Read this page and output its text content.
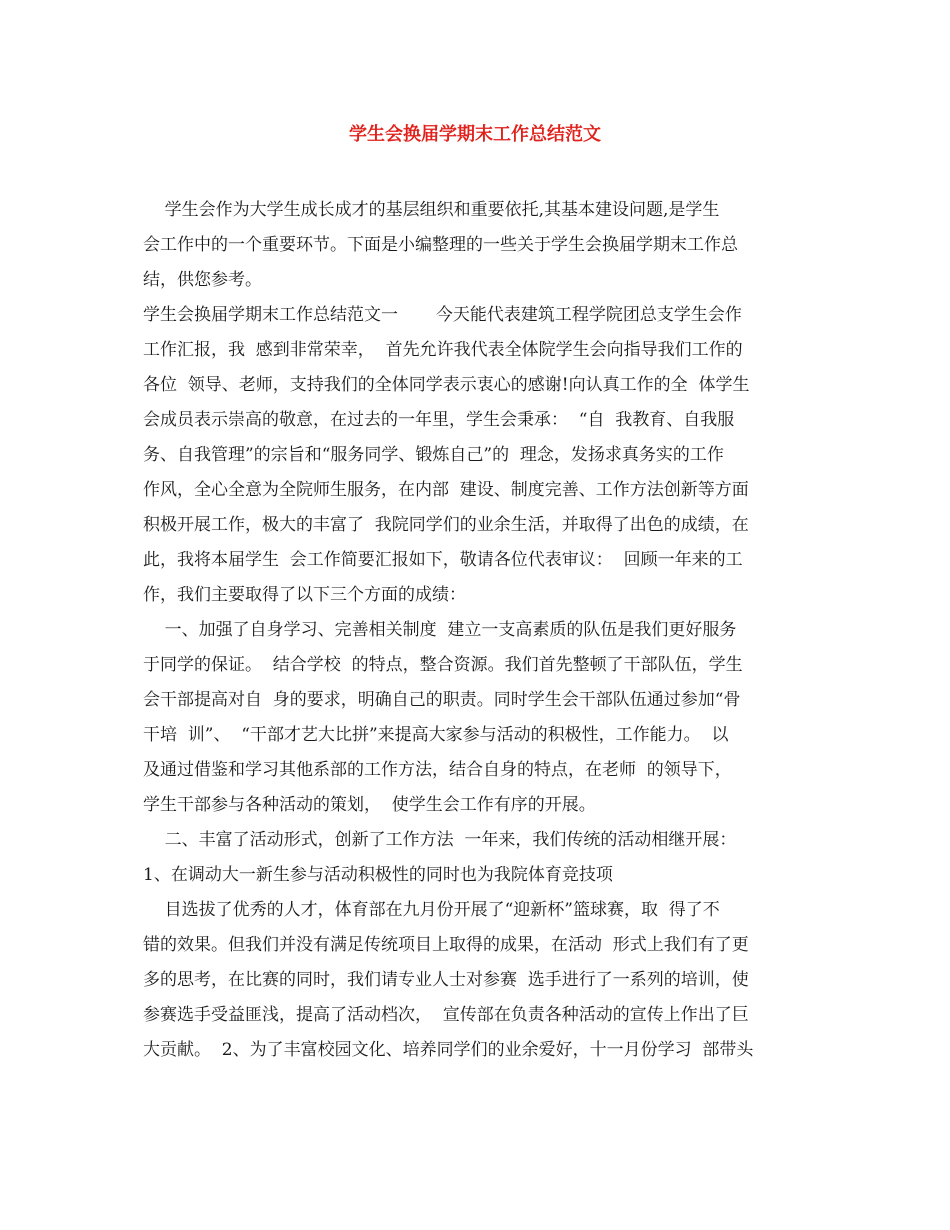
学生会换届学期末工作总结范文
学生会作为大学生成长成才的基层组织和重要依托,其基本建设问题,是学生
会工作中的一个重要环节。下面是小编整理的一些关于学生会换届学期末工作总
结，供您参考。
学生会换届学期末工作总结范文一       今天能代表建筑工程学院团总支学生会作
工作汇报，我  感到非常荣幸，  首先允许我代表全体院学生会向指导我们工作的
各位  领导、老师，支持我们的全体同学表示衷心的感谢!向认真工作的全  体学生
会成员表示崇高的敬意，在过去的一年里，学生会秉承：  “自  我教育、自我服
务、自我管理”的宗旨和“服务同学、锻炼自己”的  理念，发扬求真务实的工作
作风，全心全意为全院师生服务，在内部  建设、制度完善、工作方法创新等方面
积极开展工作，极大的丰富了  我院同学们的业余生活，并取得了出色的成绩，在
此，我将本届学生  会工作简要汇报如下，敬请各位代表审议：  回顾一年来的工
作，我们主要取得了以下三个方面的成绩：
一、加强了自身学习、完善相关制度  建立一支高素质的队伍是我们更好服务
于同学的保证。  结合学校  的特点，整合资源。我们首先整顿了干部队伍，学生
会干部提高对自  身的要求，明确自己的职责。同时学生会干部队伍通过参加“骨
干培  训”、  “干部才艺大比拼”来提高大家参与活动的积极性，工作能力。  以
及通过借鉴和学习其他系部的工作方法，结合自身的特点，在老师  的领导下，
学生干部参与各种活动的策划，  使学生会工作有序的开展。
二、丰富了活动形式，创新了工作方法  一年来，我们传统的活动相继开展：
1、在调动大一新生参与活动积极性的同时也为我院体育竞技项
目选拔了优秀的人才，体育部在九月份开展了“迎新杯”篮球赛，取  得了不
错的效果。但我们并没有满足传统项目上取得的成果，在活动  形式上我们有了更
多的思考，在比赛的同时，我们请专业人士对参赛  选手进行了一系列的培训，使
参赛选手受益匪浅，提高了活动档次，  宣传部在负责各种活动的宣传上作出了巨
大贡献。  2、为了丰富校园文化、培养同学们的业余爱好，十一月份学习  部带头
